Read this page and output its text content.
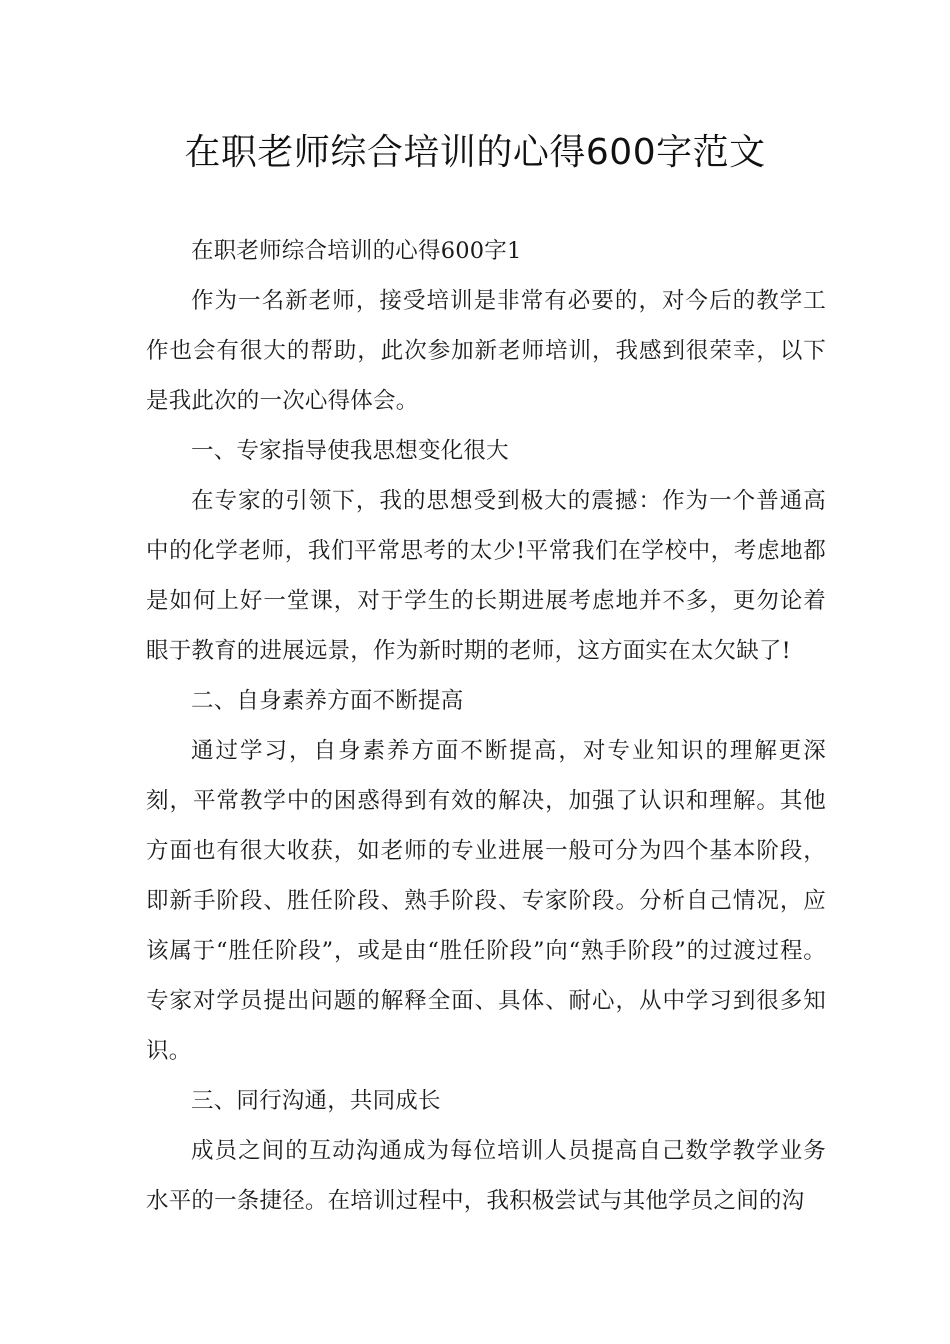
在职老师综合培训的心得600字范文

在职老师综合培训的心得600字1

作为一名新老师，接受培训是非常有必要的，对今后的教学工作也会有很大的帮助，此次参加新老师培训，我感到很荣幸，以下是我此次的一次心得体会。

一、专家指导使我思想变化很大

在专家的引领下，我的思想受到极大的震撼：作为一个普通高中的化学老师，我们平常思考的太少!平常我们在学校中，考虑地都是如何上好一堂课，对于学生的长期进展考虑地并不多，更勿论着眼于教育的进展远景，作为新时期的老师，这方面实在太欠缺了!

二、自身素养方面不断提高

通过学习，自身素养方面不断提高，对专业知识的理解更深刻，平常教学中的困惑得到有效的解决，加强了认识和理解。其他方面也有很大收获，如老师的专业进展一般可分为四个基本阶段，即新手阶段、胜任阶段、熟手阶段、专家阶段。分析自己情况，应该属于“胜任阶段”，或是由“胜任阶段”向“熟手阶段”的过渡过程。专家对学员提出问题的解释全面、具体、耐心，从中学习到很多知识。

三、同行沟通，共同成长

成员之间的互动沟通成为每位培训人员提高自己数学教学业务水平的一条捷径。在培训过程中，我积极尝试与其他学员之间的沟
